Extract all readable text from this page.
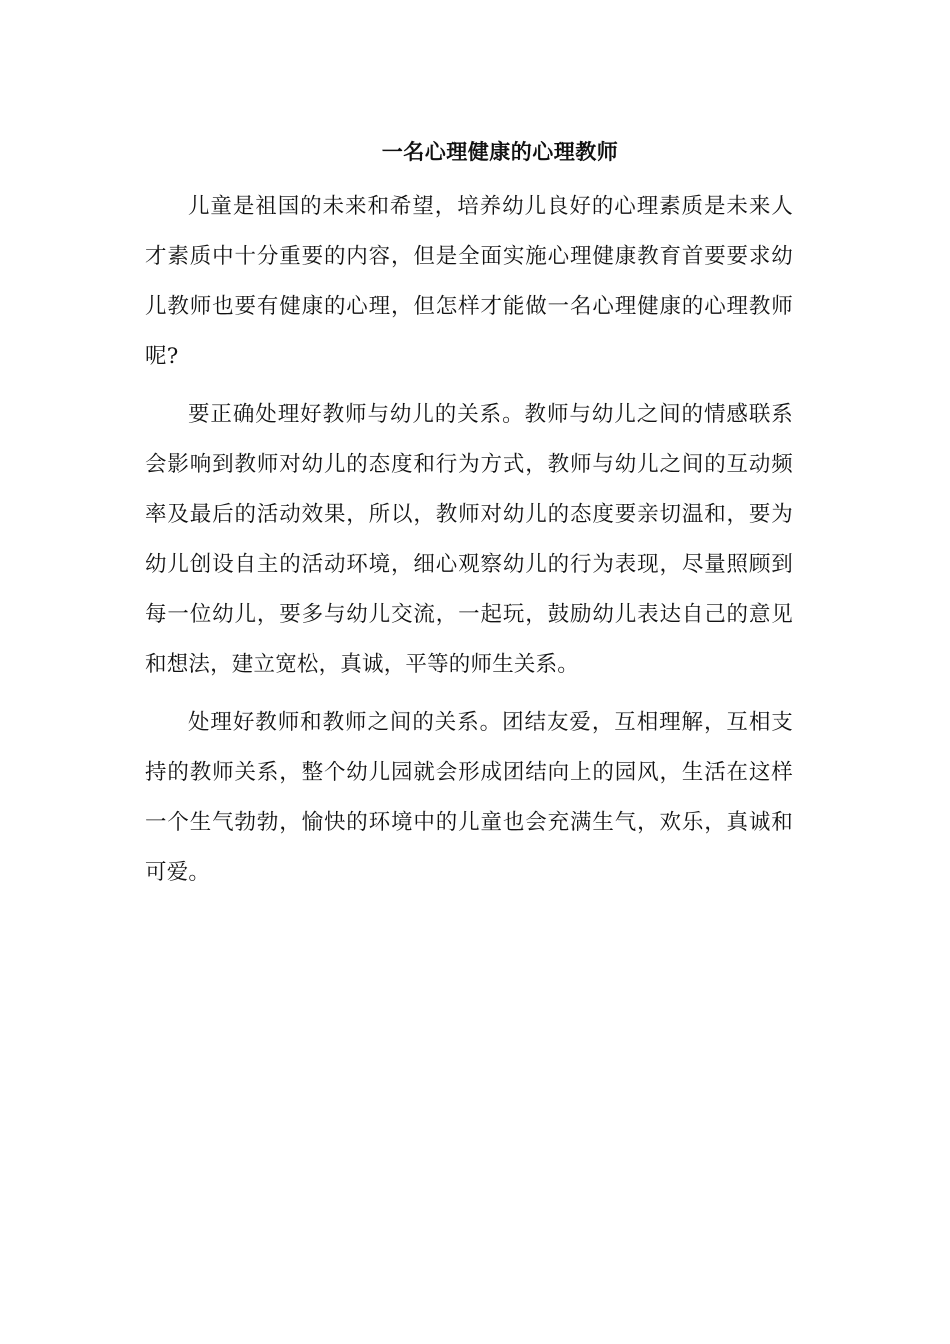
一名心理健康的心理教师

儿童是祖国的未来和希望，培养幼儿良好的心理素质是未来人才素质中十分重要的内容，但是全面实施心理健康教育首要要求幼儿教师也要有健康的心理，但怎样才能做一名心理健康的心理教师呢?

要正确处理好教师与幼儿的关系。教师与幼儿之间的情感联系会影响到教师对幼儿的态度和行为方式，教师与幼儿之间的互动频率及最后的活动效果，所以，教师对幼儿的态度要亲切温和，要为幼儿创设自主的活动环境，细心观察幼儿的行为表现，尽量照顾到每一位幼儿，要多与幼儿交流，一起玩，鼓励幼儿表达自己的意见和想法，建立宽松，真诚，平等的师生关系。

处理好教师和教师之间的关系。团结友爱，互相理解，互相支持的教师关系，整个幼儿园就会形成团结向上的园风，生活在这样一个生气勃勃，愉快的环境中的儿童也会充满生气，欢乐，真诚和可爱。
